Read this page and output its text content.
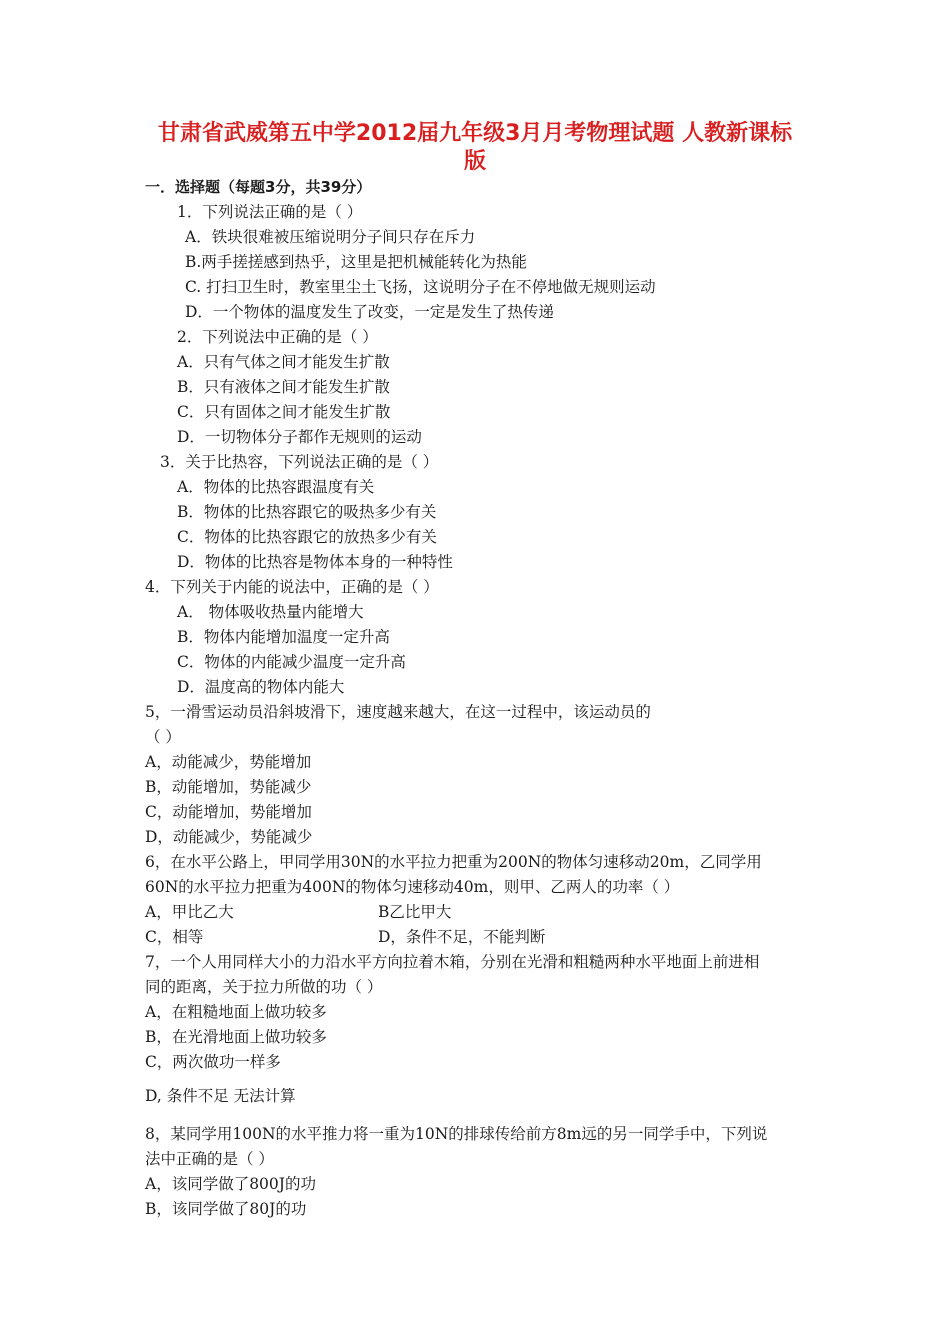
甘肃省武威第五中学2012届九年级3月月考物理试题 人教新课标
版
一．选择题（每题3分，共39分）
1．下列说法正确的是（ ）
A．铁块很难被压缩说明分子间只存在斥力
B.两手搓搓感到热乎，这里是把机械能转化为热能
C. 打扫卫生时，教室里尘土飞扬，这说明分子在不停地做无规则运动
D．一个物体的温度发生了改变，一定是发生了热传递
2．下列说法中正确的是（ ）
A．只有气体之间才能发生扩散
B．只有液体之间才能发生扩散
C．只有固体之间才能发生扩散
D．一切物体分子都作无规则的运动
3．关于比热容，下列说法正确的是（ ）
A．物体的比热容跟温度有关
B．物体的比热容跟它的吸热多少有关
C．物体的比热容跟它的放热多少有关
D．物体的比热容是物体本身的一种特性
4．下列关于内能的说法中，正确的是（ ）
A． 物体吸收热量内能增大
B．物体内能增加温度一定升高
C．物体的内能减少温度一定升高
D．温度高的物体内能大
5，一滑雪运动员沿斜坡滑下，速度越来越大，在这一过程中，该运动员的
（ ）
A，动能减少，势能增加
B，动能增加，势能减少
C，动能增加，势能增加
D，动能减少，势能减少
6，在水平公路上，甲同学用30N的水平拉力把重为200N的物体匀速移动20m，乙同学用
60N的水平拉力把重为400N的物体匀速移动40m，则甲、乙两人的功率（ ）
A，甲比乙大	B乙比甲大
C，相等	D，条件不足，不能判断
7，一个人用同样大小的力沿水平方向拉着木箱，分别在光滑和粗糙两种水平地面上前进相
同的距离，关于拉力所做的功（ ）
A，在粗糙地面上做功较多
B，在光滑地面上做功较多
C，两次做功一样多
D, 条件不足 无法计算
8，某同学用100N的水平推力将一重为10N的排球传给前方8m远的另一同学手中，下列说
法中正确的是（ ）
A，该同学做了800J的功
B，该同学做了80J的功
